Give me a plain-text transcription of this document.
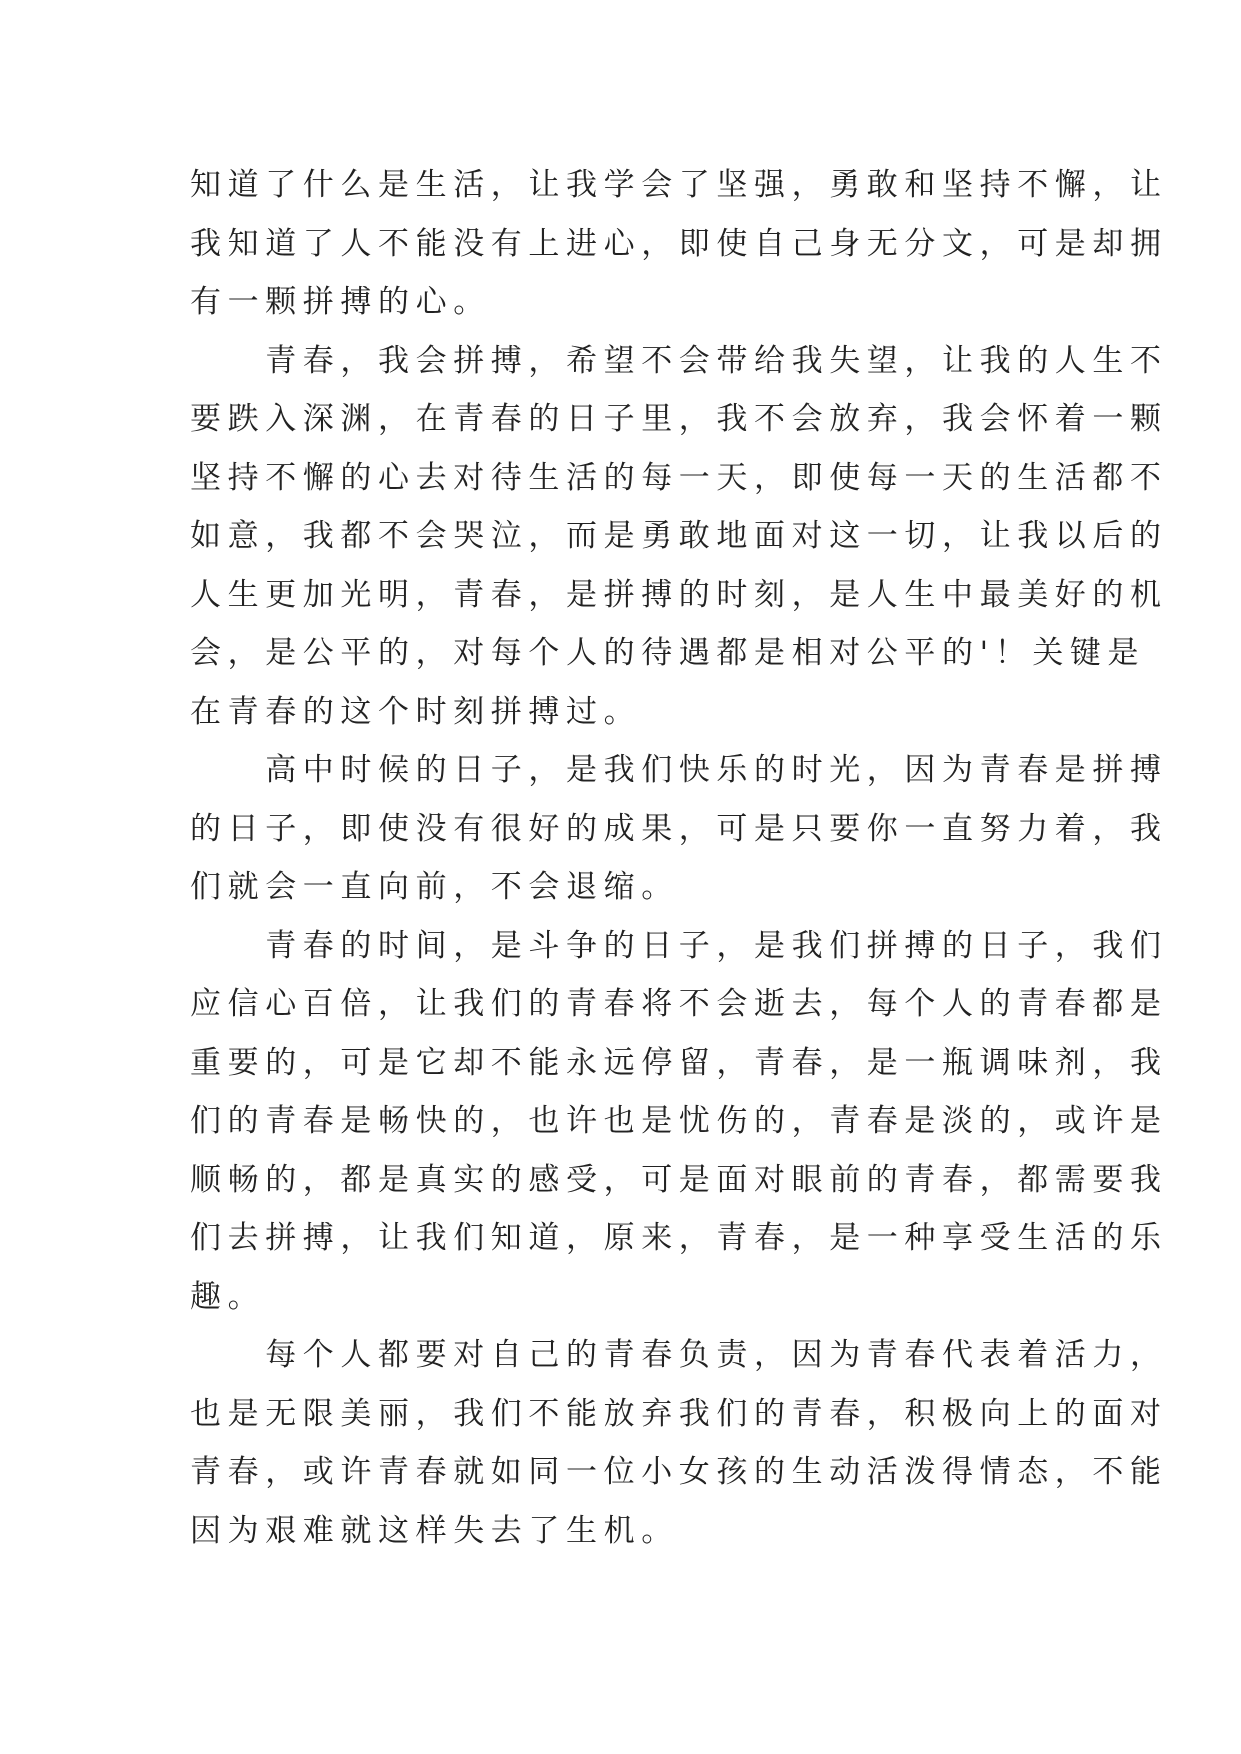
知道了什么是生活，让我学会了坚强，勇敢和坚持不懈，让
我知道了人不能没有上进心，即使自己身无分文，可是却拥
有一颗拼搏的心。
　　青春，我会拼搏，希望不会带给我失望，让我的人生不
要跌入深渊，在青春的日子里，我不会放弃，我会怀着一颗
坚持不懈的心去对待生活的每一天，即使每一天的生活都不
如意，我都不会哭泣，而是勇敢地面对这一切，让我以后的
人生更加光明，青春，是拼搏的时刻，是人生中最美好的机
会，是公平的，对每个人的待遇都是相对公平的'！关键是
在青春的这个时刻拼搏过。
　　高中时候的日子，是我们快乐的时光，因为青春是拼搏
的日子，即使没有很好的成果，可是只要你一直努力着，我
们就会一直向前，不会退缩。
　　青春的时间，是斗争的日子，是我们拼搏的日子，我们
应信心百倍，让我们的青春将不会逝去，每个人的青春都是
重要的，可是它却不能永远停留，青春，是一瓶调味剂，我
们的青春是畅快的，也许也是忧伤的，青春是淡的，或许是
顺畅的，都是真实的感受，可是面对眼前的青春，都需要我
们去拼搏，让我们知道，原来，青春，是一种享受生活的乐
趣。
　　每个人都要对自己的青春负责，因为青春代表着活力，
也是无限美丽，我们不能放弃我们的青春，积极向上的面对
青春，或许青春就如同一位小女孩的生动活泼得情态，不能
因为艰难就这样失去了生机。
